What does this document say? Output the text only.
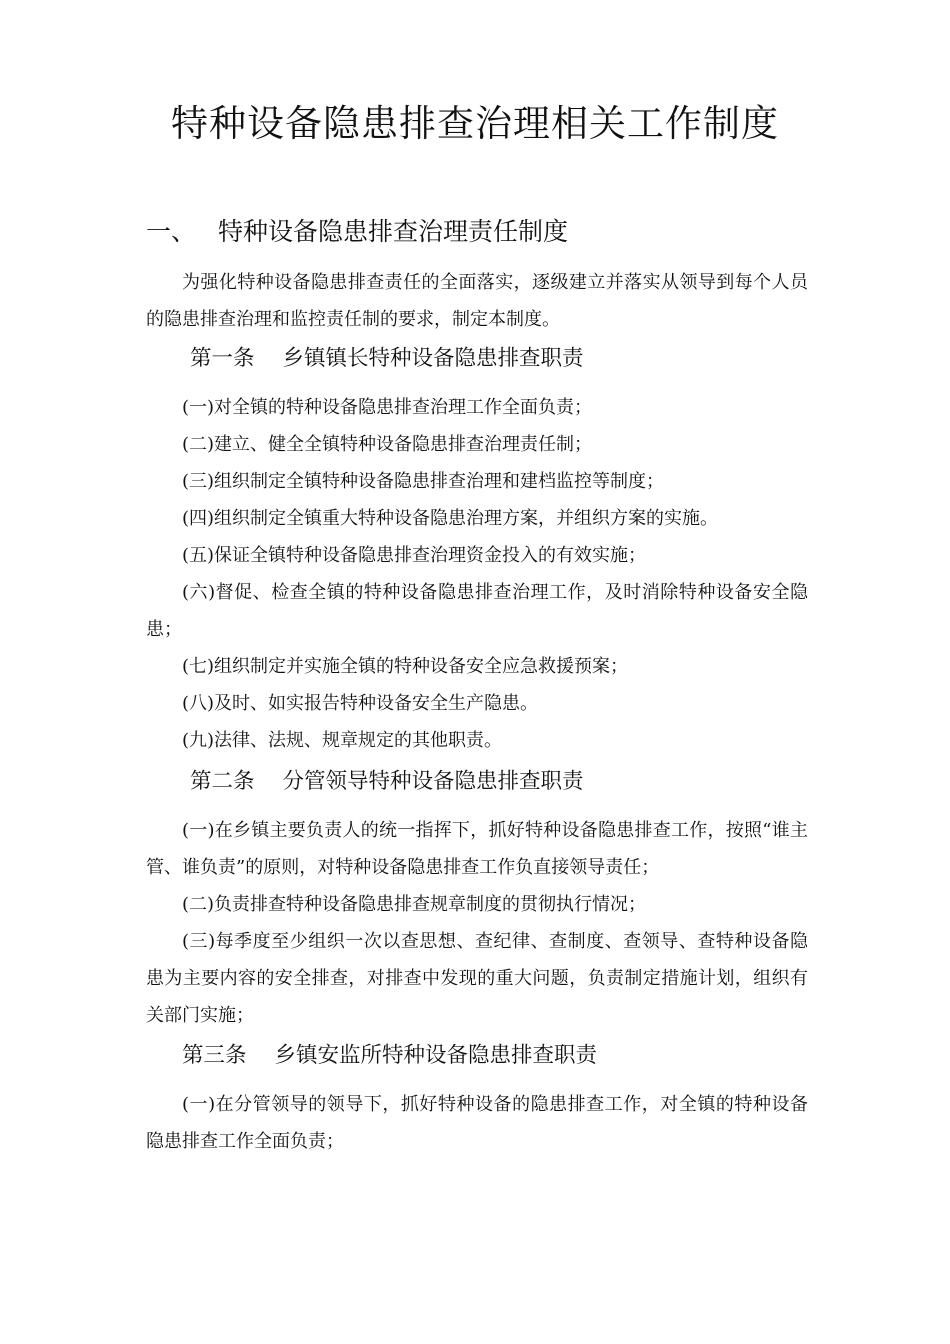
特种设备隐患排查治理相关工作制度
一、 特种设备隐患排查治理责任制度

为强化特种设备隐患排查责任的全面落实，逐级建立并落实从领导到每个人员的隐患排查治理和监控责任制的要求，制定本制度。

第一条 乡镇镇长特种设备隐患排查职责

(一)对全镇的特种设备隐患排查治理工作全面负责；

(二)建立、健全全镇特种设备隐患排查治理责任制；

(三)组织制定全镇特种设备隐患排查治理和建档监控等制度；

(四)组织制定全镇重大特种设备隐患治理方案，并组织方案的实施。

(五)保证全镇特种设备隐患排查治理资金投入的有效实施；

(六)督促、检查全镇的特种设备隐患排查治理工作，及时消除特种设备安全隐患；

(七)组织制定并实施全镇的特种设备安全应急救援预案；

(八)及时、如实报告特种设备安全生产隐患。

(九)法律、法规、规章规定的其他职责。

第二条 分管领导特种设备隐患排查职责

(一)在乡镇主要负责人的统一指挥下，抓好特种设备隐患排查工作，按照“谁主管、谁负责”的原则，对特种设备隐患排查工作负直接领导责任；

(二)负责排查特种设备隐患排查规章制度的贯彻执行情况；

(三)每季度至少组织一次以查思想、查纪律、查制度、查领导、查特种设备隐患为主要内容的安全排查，对排查中发现的重大问题，负责制定措施计划，组织有关部门实施；

第三条 乡镇安监所特种设备隐患排查职责

(一)在分管领导的领导下，抓好特种设备的隐患排查工作，对全镇的特种设备隐患排查工作全面负责；
